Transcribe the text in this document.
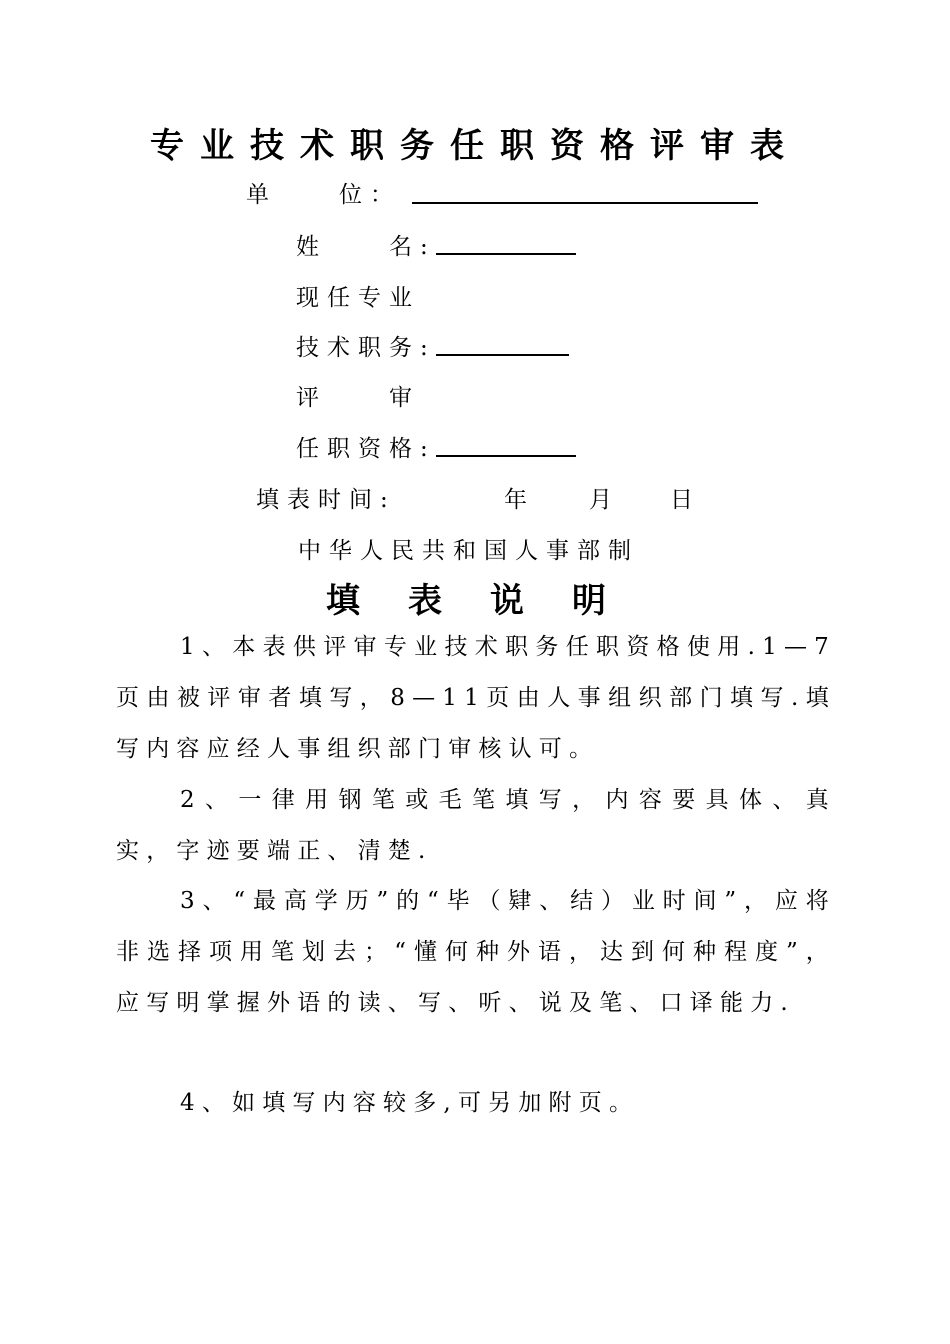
专业技术职务任职资格评审表
单　　位：
姓　　名:
现任专业
技术职务:
评　　审
任职资格:
填表时间:	年 月 日
中华人民共和国人事部制
填表说明
1、本表供评审专业技术职务任职资格使用.1—7页由被评审者填写，8—11页由人事组织部门填写.填写内容应经人事组织部门审核认可。
2、一律用钢笔或毛笔填写，内容要具体、真实，字迹要端正、清楚.
3、“最高学历”的“毕（肄、结）业时间”，应将非选择项用笔划去；“懂何种外语，达到何种程度”，应写明掌握外语的读、写、听、说及笔、口译能力.
4、如填写内容较多,可另加附页。
